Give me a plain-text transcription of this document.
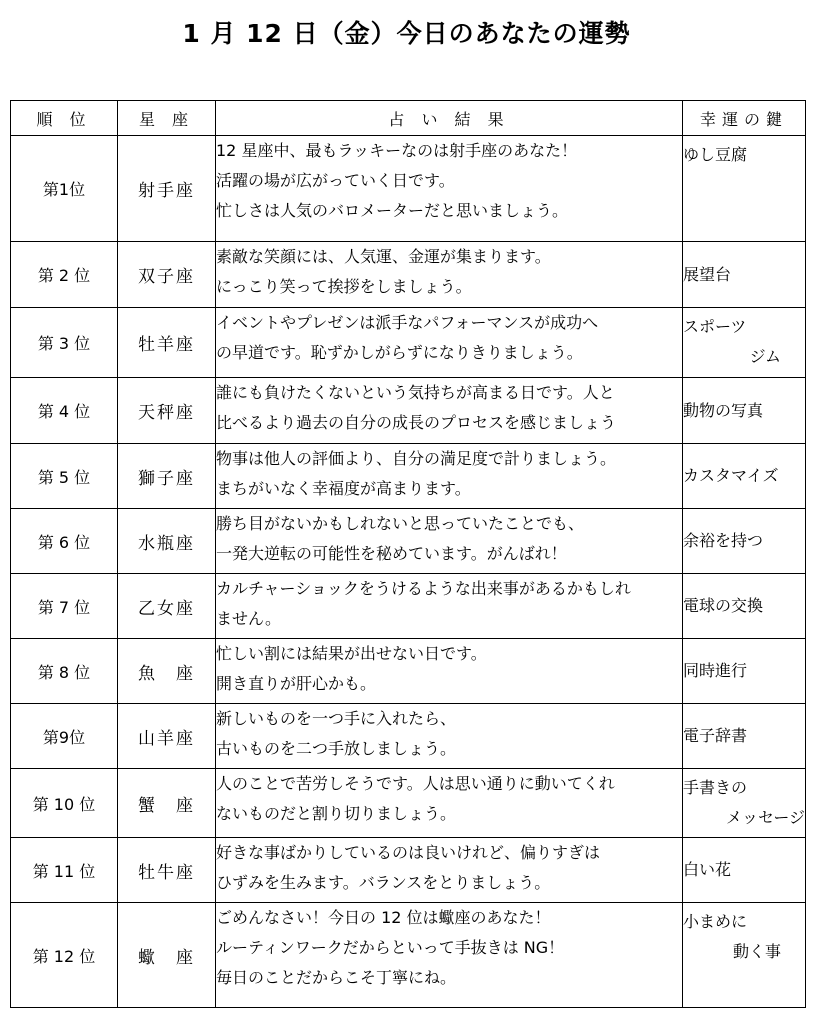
1 月 12 日（金）今日のあなたの運勢
順 位	星 座	占 い 結 果	幸運の鍵
第1位	射手座	12 星座中、最もラッキーなのは射手座のあなた！
活躍の場が広がっていく日です。
忙しさは人気のバロメーターだと思いましょう。	ゆし豆腐

第 2 位	双子座	素敵な笑顔には、人気運、金運が集まります。
にっこり笑って挨拶をしましょう。	展望台

第 3 位	牡羊座	イベントやプレゼンは派手なパフォーマンスが成功へ
の早道です。恥ずかしがらずになりきりましょう。	スポーツ
ジム

第 4 位	天秤座	誰にも負けたくないという気持ちが高まる日です。人と
比べるより過去の自分の成長のプロセスを感じましょう	動物の写真

第 5 位	獅子座	物事は他人の評価より、自分の満足度で計りましょう。
まちがいなく幸福度が高まります。	カスタマイズ

第 6 位	水瓶座	勝ち目がないかもしれないと思っていたことでも、
一発大逆転の可能性を秘めています。がんばれ！	余裕を持つ

第 7 位	乙女座	カルチャーショックをうけるような出来事があるかもしれ
ません。	電球の交換

第 8 位	魚　座	忙しい割には結果が出せない日です。
開き直りが肝心かも。	同時進行

第9位	山羊座	新しいものを一つ手に入れたら、
古いものを二つ手放しましょう。	電子辞書

第 10 位	蟹　座	人のことで苦労しそうです。人は思い通りに動いてくれ
ないものだと割り切りましょう。	手書きの
メッセージ

第 11 位	牡牛座	好きな事ばかりしているのは良いけれど、偏りすぎは
ひずみを生みます。バランスをとりましょう。	白い花

第 12 位	蠍　座	ごめんなさい！今日の 12 位は蠍座のあなた！
ルーティンワークだからといって手抜きは NG！
毎日のことだからこそ丁寧にね。	小まめに
動く事
